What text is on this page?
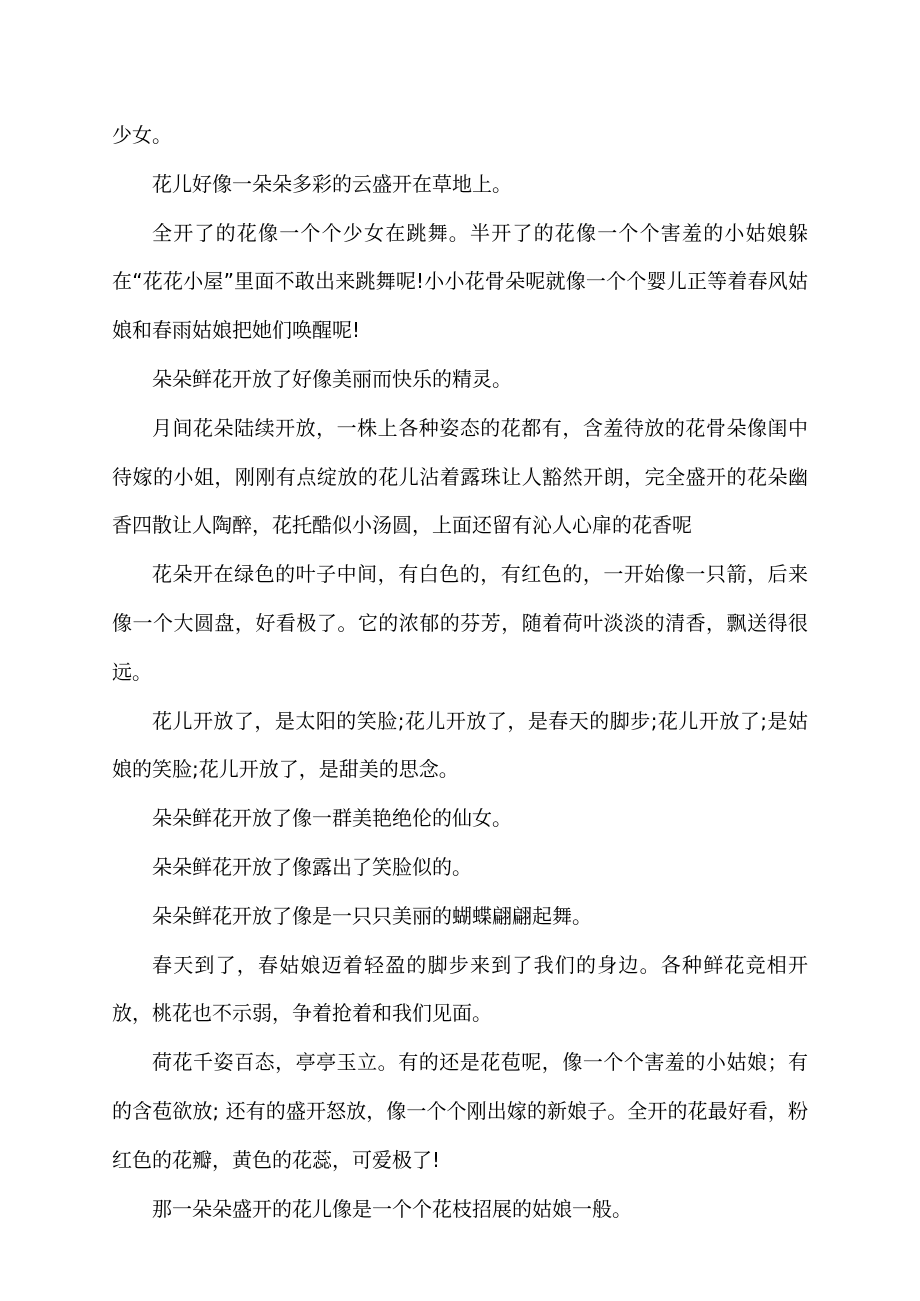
少女。

花儿好像一朵朵多彩的云盛开在草地上。

全开了的花像一个个少女在跳舞。半开了的花像一个个害羞的小姑娘躲在“花花小屋”里面不敢出来跳舞呢!小小花骨朵呢就像一个个婴儿正等着春风姑娘和春雨姑娘把她们唤醒呢!

朵朵鲜花开放了好像美丽而快乐的精灵。

月间花朵陆续开放，一株上各种姿态的花都有，含羞待放的花骨朵像闺中待嫁的小姐，刚刚有点绽放的花儿沾着露珠让人豁然开朗，完全盛开的花朵幽香四散让人陶醉，花托酷似小汤圆，上面还留有沁人心扉的花香呢

花朵开在绿色的叶子中间，有白色的，有红色的，一开始像一只箭，后来像一个大圆盘，好看极了。它的浓郁的芬芳，随着荷叶淡淡的清香，飘送得很远。

花儿开放了，是太阳的笑脸;花儿开放了，是春天的脚步;花儿开放了;是姑娘的笑脸;花儿开放了，是甜美的思念。

朵朵鲜花开放了像一群美艳绝伦的仙女。

朵朵鲜花开放了像露出了笑脸似的。

朵朵鲜花开放了像是一只只美丽的蝴蝶翩翩起舞。

春天到了，春姑娘迈着轻盈的脚步来到了我们的身边。各种鲜花竞相开放，桃花也不示弱，争着抢着和我们见面。

荷花千姿百态，亭亭玉立。有的还是花苞呢，像一个个害羞的小姑娘；有的含苞欲放; 还有的盛开怒放，像一个个刚出嫁的新娘子。全开的花最好看，粉红色的花瓣，黄色的花蕊，可爱极了!

那一朵朵盛开的花儿像是一个个花枝招展的姑娘一般。
